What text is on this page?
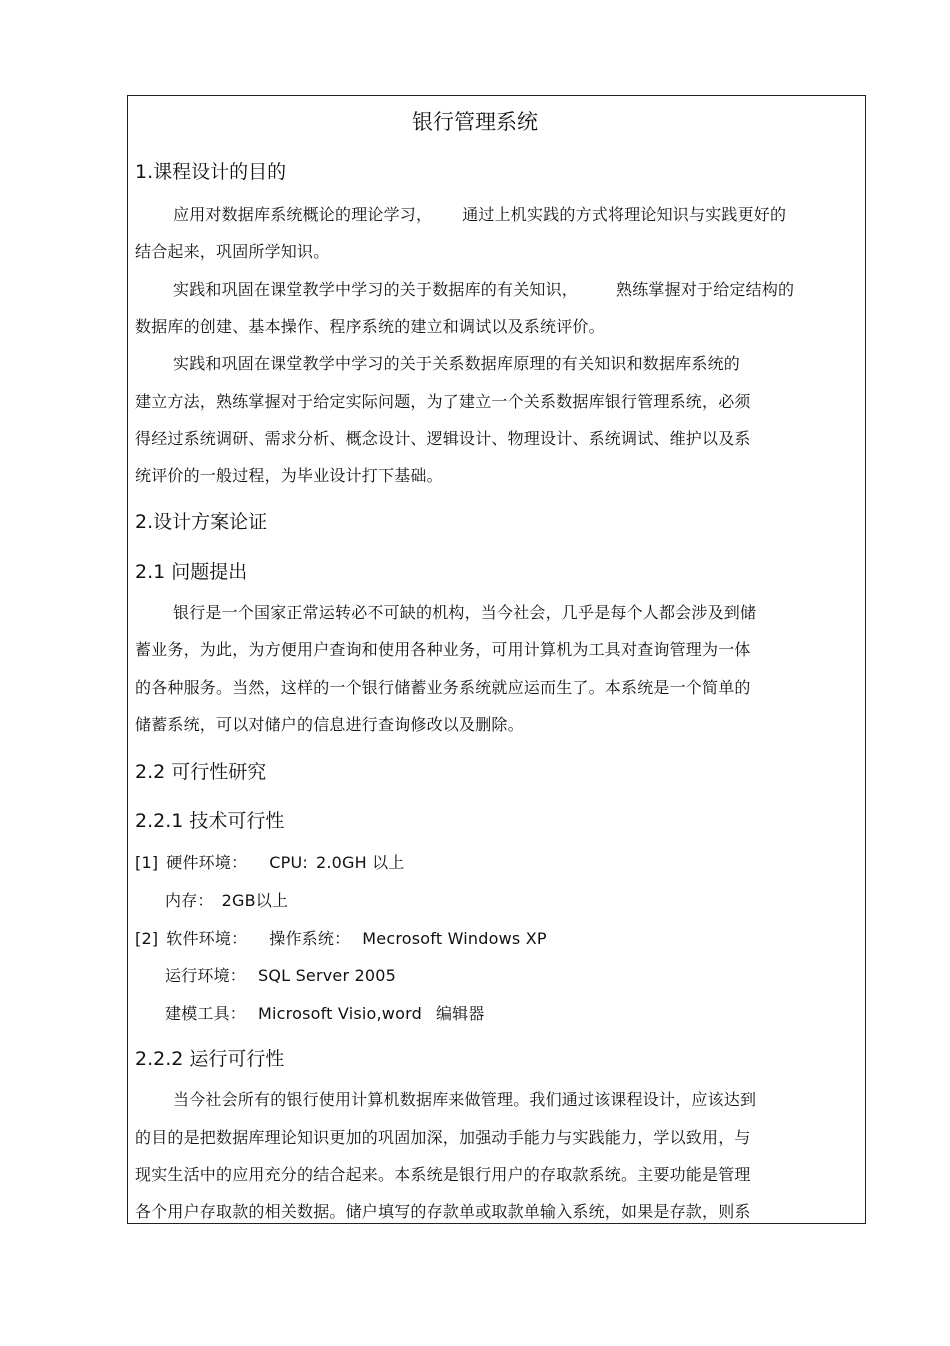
银行管理系统
1.课程设计的目的
应用对数据库系统概论的理论学习， 通过上机实践的方式将理论知识与实践更好的
结合起来，巩固所学知识。
实践和巩固在课堂教学中学习的关于数据库的有关知识， 熟练掌握对于给定结构的
数据库的创建、基本操作、程序系统的建立和调试以及系统评价。
实践和巩固在课堂教学中学习的关于关系数据库原理的有关知识和数据库系统的
建立方法，熟练掌握对于给定实际问题，为了建立一个关系数据库银行管理系统，必须
得经过系统调研、需求分析、概念设计、逻辑设计、物理设计、系统调试、维护以及系
统评价的一般过程，为毕业设计打下基础。
2.设计方案论证
2.1 问题提出
银行是一个国家正常运转必不可缺的机构，当今社会，几乎是每个人都会涉及到储
蓄业务，为此，为方便用户查询和使用各种业务，可用计算机为工具对查询管理为一体
的各种服务。当然，这样的一个银行储蓄业务系统就应运而生了。本系统是一个简单的
储蓄系统，可以对储户的信息进行查询修改以及删除。
2.2 可行性研究
2.2.1 技术可行性
[1] 硬件环境： CPU: 2.0GH 以上
内存： 2GB以上
[2] 软件环境： 操作系统： Mecrosoft Windows XP
运行环境： SQL Server 2005
建模工具： Microsoft Visio,word 编辑器
2.2.2 运行可行性
当今社会所有的银行使用计算机数据库来做管理。我们通过该课程设计，应该达到
的目的是把数据库理论知识更加的巩固加深，加强动手能力与实践能力，学以致用，与
现实生活中的应用充分的结合起来。本系统是银行用户的存取款系统。主要功能是管理
各个用户存取款的相关数据。储户填写的存款单或取款单输入系统，如果是存款，则系
